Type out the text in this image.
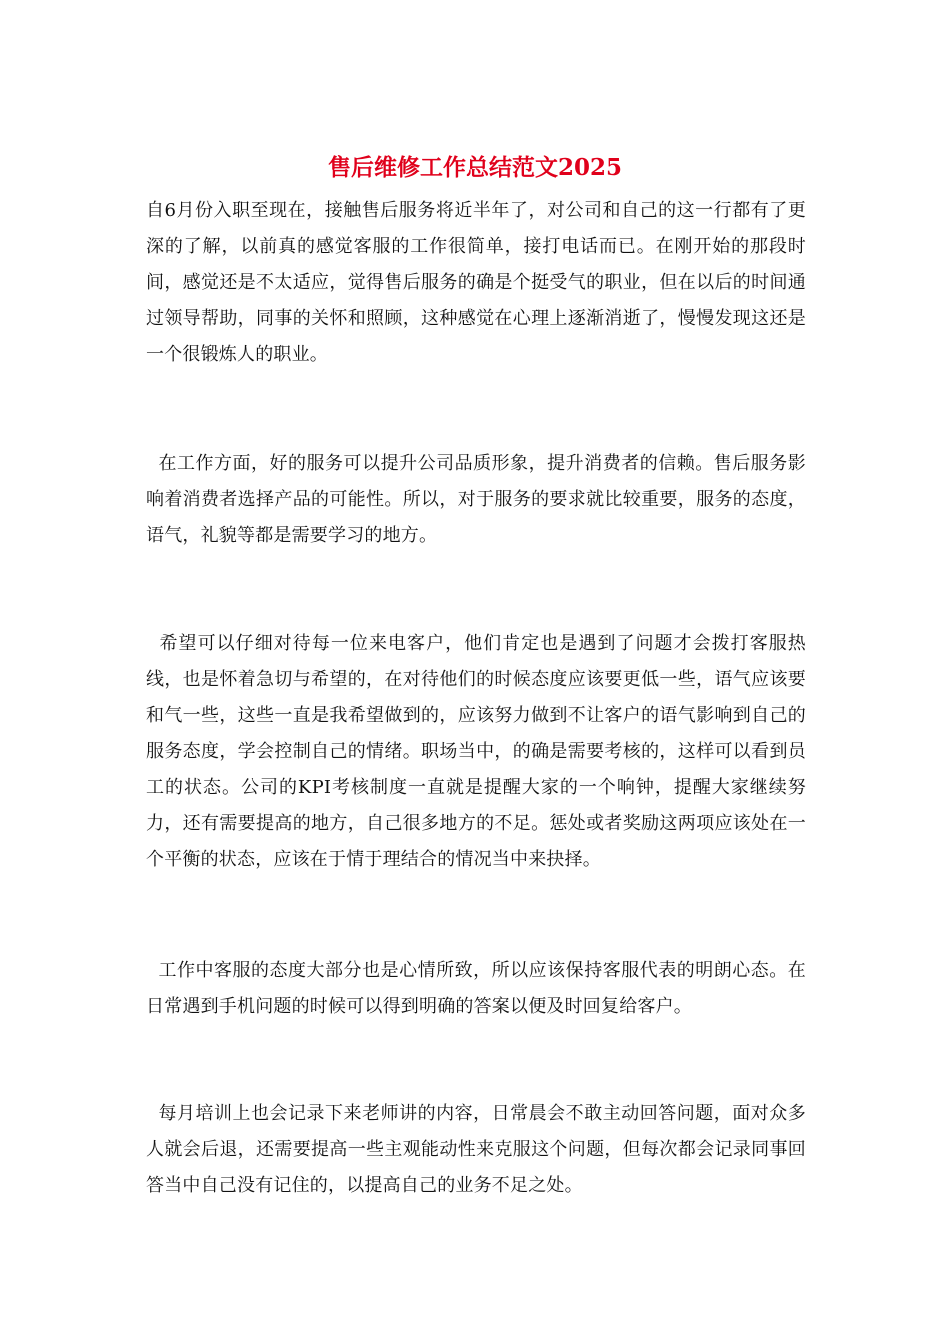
售后维修工作总结范文2025

自6月份入职至现在，接触售后服务将近半年了，对公司和自己的这一行都有了更深的了解，以前真的感觉客服的工作很简单，接打电话而已。在刚开始的那段时间，感觉还是不太适应，觉得售后服务的确是个挺受气的职业，但在以后的时间通过领导帮助，同事的关怀和照顾，这种感觉在心理上逐渐消逝了，慢慢发现这还是一个很锻炼人的职业。

在工作方面，好的服务可以提升公司品质形象，提升消费者的信赖。售后服务影响着消费者选择产品的可能性。所以，对于服务的要求就比较重要，服务的态度，语气，礼貌等都是需要学习的地方。

希望可以仔细对待每一位来电客户，他们肯定也是遇到了问题才会拨打客服热线，也是怀着急切与希望的，在对待他们的时候态度应该要更低一些，语气应该要和气一些，这些一直是我希望做到的，应该努力做到不让客户的语气影响到自己的服务态度，学会控制自己的情绪。职场当中，的确是需要考核的，这样可以看到员工的状态。公司的KPI考核制度一直就是提醒大家的一个响钟，提醒大家继续努力，还有需要提高的地方，自己很多地方的不足。惩处或者奖励这两项应该处在一个平衡的状态，应该在于情于理结合的情况当中来抉择。

工作中客服的态度大部分也是心情所致，所以应该保持客服代表的明朗心态。在日常遇到手机问题的时候可以得到明确的答案以便及时回复给客户。

每月培训上也会记录下来老师讲的内容，日常晨会不敢主动回答问题，面对众多人就会后退，还需要提高一些主观能动性来克服这个问题，但每次都会记录同事回答当中自己没有记住的，以提高自己的业务不足之处。
